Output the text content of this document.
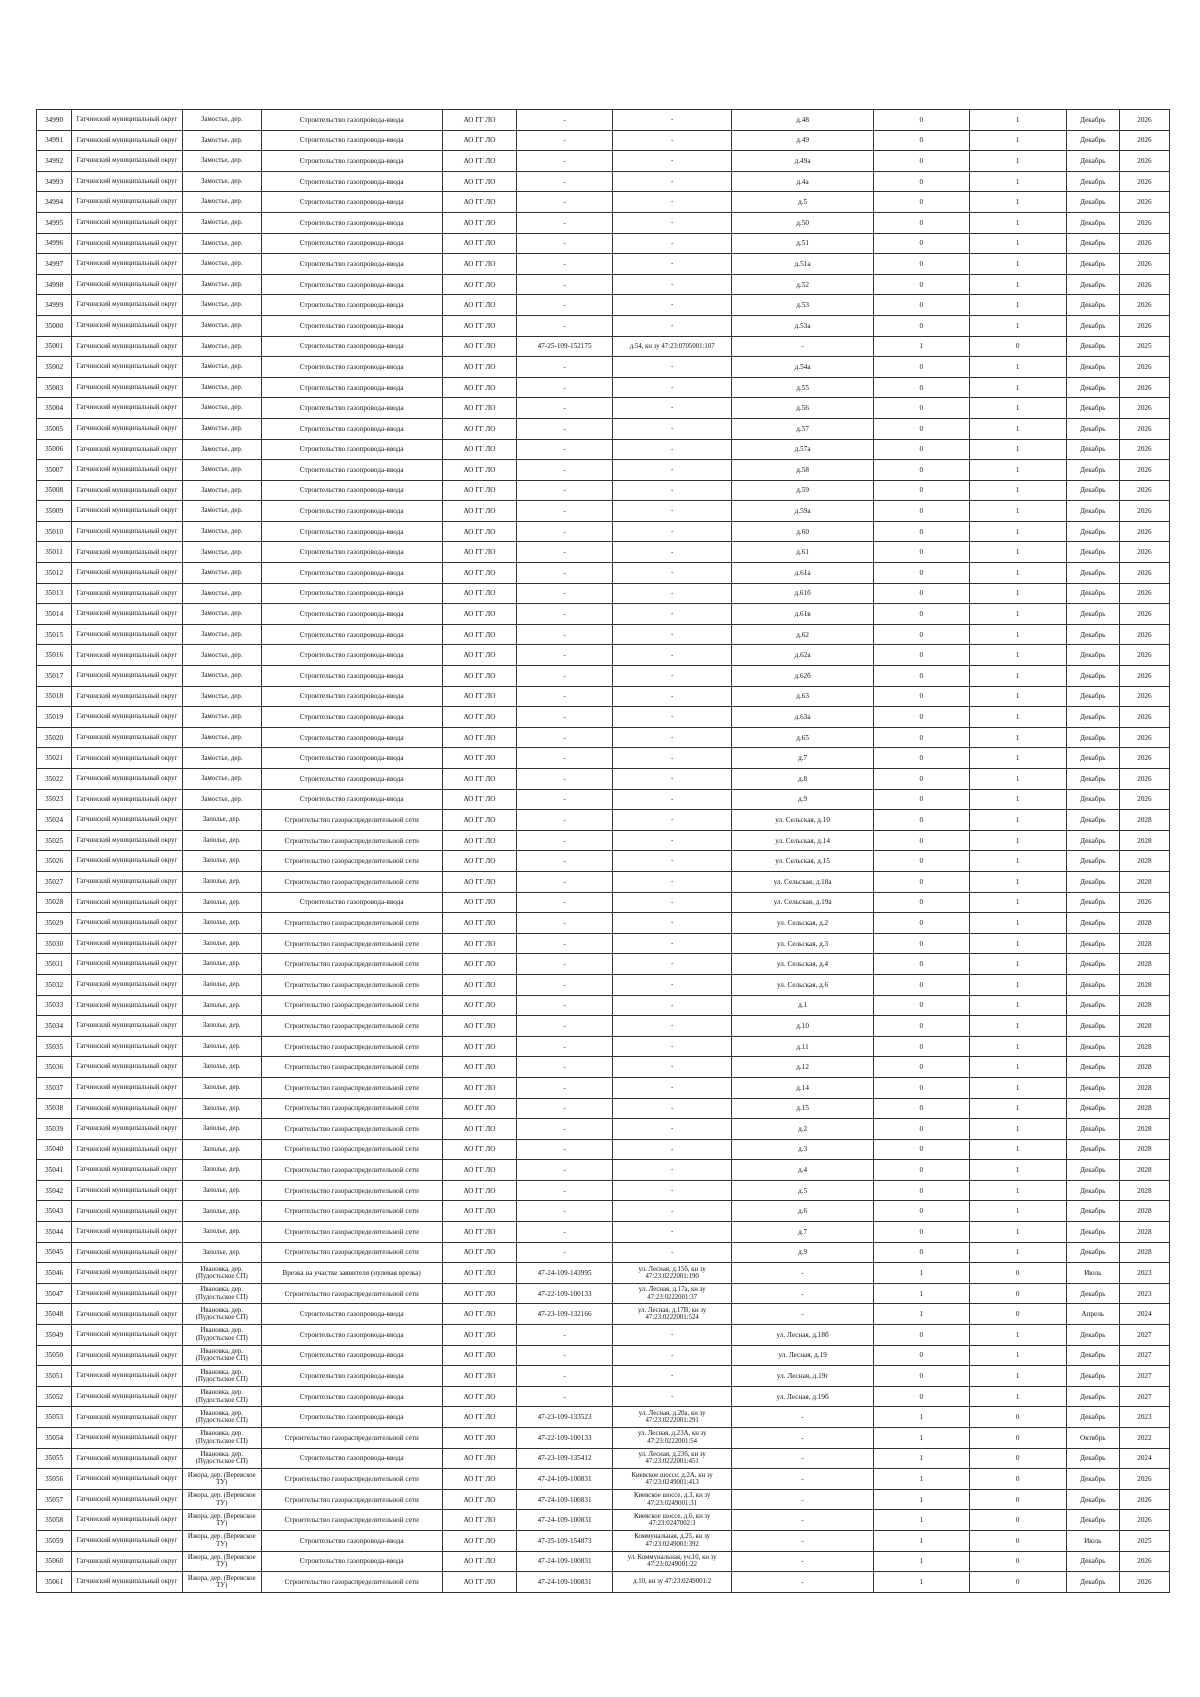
34990	Гатчинский муниципальный округ	Замостье, дер.	Строительство газопровода-ввода	АО ГГ ЛО	-	-	д.48	0	1	Декабрь	2026
34991	Гатчинский муниципальный округ	Замостье, дер.	Строительство газопровода-ввода	АО ГГ ЛО	-	-	д.49	0	1	Декабрь	2026
34992	Гатчинский муниципальный округ	Замостье, дер.	Строительство газопровода-ввода	АО ГГ ЛО	-	-	д.49а	0	1	Декабрь	2026
34993	Гатчинский муниципальный округ	Замостье, дер.	Строительство газопровода-ввода	АО ГГ ЛО	-	-	д.4а	0	1	Декабрь	2026
34994	Гатчинский муниципальный округ	Замостье, дер.	Строительство газопровода-ввода	АО ГГ ЛО	-	-	д.5	0	1	Декабрь	2026
34995	Гатчинский муниципальный округ	Замостье, дер.	Строительство газопровода-ввода	АО ГГ ЛО	-	-	д.50	0	1	Декабрь	2026
34996	Гатчинский муниципальный округ	Замостье, дер.	Строительство газопровода-ввода	АО ГГ ЛО	-	-	д.51	0	1	Декабрь	2026
34997	Гатчинский муниципальный округ	Замостье, дер.	Строительство газопровода-ввода	АО ГГ ЛО	-	-	д.51а	0	1	Декабрь	2026
34998	Гатчинский муниципальный округ	Замостье, дер.	Строительство газопровода-ввода	АО ГГ ЛО	-	-	д.52	0	1	Декабрь	2026
34999	Гатчинский муниципальный округ	Замостье, дер.	Строительство газопровода-ввода	АО ГГ ЛО	-	-	д.53	0	1	Декабрь	2026
35000	Гатчинский муниципальный округ	Замостье, дер.	Строительство газопровода-ввода	АО ГГ ЛО	-	-	д.53а	0	1	Декабрь	2026
35001	Гатчинский муниципальный округ	Замостье, дер.	Строительство газопровода-ввода	АО ГГ ЛО	47-25-109-152175	д.54, кн зу 47:23:0705001:107	-	1	0	Декабрь	2025
35002	Гатчинский муниципальный округ	Замостье, дер.	Строительство газопровода-ввода	АО ГГ ЛО	-	-	д.54а	0	1	Декабрь	2026
35003	Гатчинский муниципальный округ	Замостье, дер.	Строительство газопровода-ввода	АО ГГ ЛО	-	-	д.55	0	1	Декабрь	2026
35004	Гатчинский муниципальный округ	Замостье, дер.	Строительство газопровода-ввода	АО ГГ ЛО	-	-	д.56	0	1	Декабрь	2026
35005	Гатчинский муниципальный округ	Замостье, дер.	Строительство газопровода-ввода	АО ГГ ЛО	-	-	д.57	0	1	Декабрь	2026
35006	Гатчинский муниципальный округ	Замостье, дер.	Строительство газопровода-ввода	АО ГГ ЛО	-	-	д.57а	0	1	Декабрь	2026
35007	Гатчинский муниципальный округ	Замостье, дер.	Строительство газопровода-ввода	АО ГГ ЛО	-	-	д.58	0	1	Декабрь	2026
35008	Гатчинский муниципальный округ	Замостье, дер.	Строительство газопровода-ввода	АО ГГ ЛО	-	-	д.59	0	1	Декабрь	2026
35009	Гатчинский муниципальный округ	Замостье, дер.	Строительство газопровода-ввода	АО ГГ ЛО	-	-	д.59а	0	1	Декабрь	2026
35010	Гатчинский муниципальный округ	Замостье, дер.	Строительство газопровода-ввода	АО ГГ ЛО	-	-	д.60	0	1	Декабрь	2026
35011	Гатчинский муниципальный округ	Замостье, дер.	Строительство газопровода-ввода	АО ГГ ЛО	-	-	д.61	0	1	Декабрь	2026
35012	Гатчинский муниципальный округ	Замостье, дер.	Строительство газопровода-ввода	АО ГГ ЛО	-	-	д.61а	0	1	Декабрь	2026
35013	Гатчинский муниципальный округ	Замостье, дер.	Строительство газопровода-ввода	АО ГГ ЛО	-	-	д.61б	0	1	Декабрь	2026
35014	Гатчинский муниципальный округ	Замостье, дер.	Строительство газопровода-ввода	АО ГГ ЛО	-	-	д.61в	0	1	Декабрь	2026
35015	Гатчинский муниципальный округ	Замостье, дер.	Строительство газопровода-ввода	АО ГГ ЛО	-	-	д.62	0	1	Декабрь	2026
35016	Гатчинский муниципальный округ	Замостье, дер.	Строительство газопровода-ввода	АО ГГ ЛО	-	-	д.62а	0	1	Декабрь	2026
35017	Гатчинский муниципальный округ	Замостье, дер.	Строительство газопровода-ввода	АО ГГ ЛО	-	-	д.62б	0	1	Декабрь	2026
35018	Гатчинский муниципальный округ	Замостье, дер.	Строительство газопровода-ввода	АО ГГ ЛО	-	-	д.63	0	1	Декабрь	2026
35019	Гатчинский муниципальный округ	Замостье, дер.	Строительство газопровода-ввода	АО ГГ ЛО	-	-	д.63а	0	1	Декабрь	2026
35020	Гатчинский муниципальный округ	Замостье, дер.	Строительство газопровода-ввода	АО ГГ ЛО	-	-	д.65	0	1	Декабрь	2026
35021	Гатчинский муниципальный округ	Замостье, дер.	Строительство газопровода-ввода	АО ГГ ЛО	-	-	д.7	0	1	Декабрь	2026
35022	Гатчинский муниципальный округ	Замостье, дер.	Строительство газопровода-ввода	АО ГГ ЛО	-	-	д.8	0	1	Декабрь	2026
35023	Гатчинский муниципальный округ	Замостье, дер.	Строительство газопровода-ввода	АО ГГ ЛО	-	-	д.9	0	1	Декабрь	2026
35024	Гатчинский муниципальный округ	Заполье, дер.	Строительство газораспределительной сети	АО ГГ ЛО	-	-	ул. Сельская, д.10	0	1	Декабрь	2028
35025	Гатчинский муниципальный округ	Заполье, дер.	Строительство газораспределительной сети	АО ГГ ЛО	-	-	ул. Сельская, д.14	0	1	Декабрь	2028
35026	Гатчинский муниципальный округ	Заполье, дер.	Строительство газораспределительной сети	АО ГГ ЛО	-	-	ул. Сельская, д.15	0	1	Декабрь	2028
35027	Гатчинский муниципальный округ	Заполье, дер.	Строительство газораспределительной сети	АО ГГ ЛО	-	-	ул. Сельская, д.18а	0	1	Декабрь	2028
35028	Гатчинский муниципальный округ	Заполье, дер.	Строительство газопровода-ввода	АО ГГ ЛО	-	-	ул. Сельская, д.19а	0	1	Декабрь	2026
35029	Гатчинский муниципальный округ	Заполье, дер.	Строительство газораспределительной сети	АО ГГ ЛО	-	-	ул. Сельская, д.2	0	1	Декабрь	2028
35030	Гатчинский муниципальный округ	Заполье, дер.	Строительство газораспределительной сети	АО ГГ ЛО	-	-	ул. Сельская, д.3	0	1	Декабрь	2028
35031	Гатчинский муниципальный округ	Заполье, дер.	Строительство газораспределительной сети	АО ГГ ЛО	-	-	ул. Сельская, д.4	0	1	Декабрь	2028
35032	Гатчинский муниципальный округ	Заполье, дер.	Строительство газораспределительной сети	АО ГГ ЛО	-	-	ул. Сельская, д.6	0	1	Декабрь	2028
35033	Гатчинский муниципальный округ	Заполье, дер.	Строительство газораспределительной сети	АО ГГ ЛО	-	-	д.1	0	1	Декабрь	2028
35034	Гатчинский муниципальный округ	Заполье, дер.	Строительство газораспределительной сети	АО ГГ ЛО	-	-	д.10	0	1	Декабрь	2028
35035	Гатчинский муниципальный округ	Заполье, дер.	Строительство газораспределительной сети	АО ГГ ЛО	-	-	д.11	0	1	Декабрь	2028
35036	Гатчинский муниципальный округ	Заполье, дер.	Строительство газораспределительной сети	АО ГГ ЛО	-	-	д.12	0	1	Декабрь	2028
35037	Гатчинский муниципальный округ	Заполье, дер.	Строительство газораспределительной сети	АО ГГ ЛО	-	-	д.14	0	1	Декабрь	2028
35038	Гатчинский муниципальный округ	Заполье, дер.	Строительство газораспределительной сети	АО ГГ ЛО	-	-	д.15	0	1	Декабрь	2028
35039	Гатчинский муниципальный округ	Заполье, дер.	Строительство газораспределительной сети	АО ГГ ЛО	-	-	д.2	0	1	Декабрь	2028
35040	Гатчинский муниципальный округ	Заполье, дер.	Строительство газораспределительной сети	АО ГГ ЛО	-	-	д.3	0	1	Декабрь	2028
35041	Гатчинский муниципальный округ	Заполье, дер.	Строительство газораспределительной сети	АО ГГ ЛО	-	-	д.4	0	1	Декабрь	2028
35042	Гатчинский муниципальный округ	Заполье, дер.	Строительство газораспределительной сети	АО ГГ ЛО	-	-	д.5	0	1	Декабрь	2028
35043	Гатчинский муниципальный округ	Заполье, дер.	Строительство газораспределительной сети	АО ГГ ЛО	-	-	д.6	0	1	Декабрь	2028
35044	Гатчинский муниципальный округ	Заполье, дер.	Строительство газораспределительной сети	АО ГГ ЛО	-	-	д.7	0	1	Декабрь	2028
35045	Гатчинский муниципальный округ	Заполье, дер.	Строительство газораспределительной сети	АО ГГ ЛО	-	-	д.9	0	1	Декабрь	2028
35046	Гатчинский муниципальный округ	Ивановка, дер. (Пудостьское СП)	Врезка на участке заявителя (нулевая врезка)	АО ГГ ЛО	47-24-109-143995	ул. Лесная, д.15б, кн зу 47:23:0222001:190	-	1	0	Июль	2023
35047	Гатчинский муниципальный округ	Ивановка, дер. (Пудостьское СП)	Строительство газораспределительной сети	АО ГГ ЛО	47-22-109-100133	ул. Лесная, д.17а, кн зу 47:23:0222001:37	-	1	0	Декабрь	2023
35048	Гатчинский муниципальный округ	Ивановка, дер. (Пудостьское СП)	Строительство газопровода-ввода	АО ГГ ЛО	47-23-109-132166	ул. Лесная, д.17В, кн зу 47:23:0222001:524	-	1	0	Апрель	2024
35049	Гатчинский муниципальный округ	Ивановка, дер. (Пудостьское СП)	Строительство газопровода-ввода	АО ГГ ЛО	-	-	ул. Лесная, д.18б	0	1	Декабрь	2027
35050	Гатчинский муниципальный округ	Ивановка, дер. (Пудостьское СП)	Строительство газопровода-ввода	АО ГГ ЛО	-	-	ул. Лесная, д.19	0	1	Декабрь	2027
35051	Гатчинский муниципальный округ	Ивановка, дер. (Пудостьское СП)	Строительство газопровода-ввода	АО ГГ ЛО	-	-	ул. Лесная, д.19г	0	1	Декабрь	2027
35052	Гатчинский муниципальный округ	Ивановка, дер. (Пудостьское СП)	Строительство газопровода-ввода	АО ГГ ЛО	-	-	ул. Лесная, д.19б	0	1	Декабрь	2027
35053	Гатчинский муниципальный округ	Ивановка, дер. (Пудостьское СП)	Строительство газопровода-ввода	АО ГГ ЛО	47-23-109-133523	ул. Лесная, д.20а, кн зу 47:23:0222001:291	-	1	0	Декабрь	2023
35054	Гатчинский муниципальный округ	Ивановка, дер. (Пудостьское СП)	Строительство газораспределительной сети	АО ГГ ЛО	47-22-109-100133	ул. Лесная, д.23А, кн зу 47:23:0222001:54	-	1	0	Октябрь	2022
35055	Гатчинский муниципальный округ	Ивановка, дер. (Пудостьское СП)	Строительство газопровода-ввода	АО ГГ ЛО	47-23-109-135412	ул. Лесная, д.23б, кн зу 47:23:0222001:451	-	1	0	Декабрь	2024
35056	Гатчинский муниципальный округ	Ижора, дер. (Веревское ТУ)	Строительство газораспределительной сети	АО ГГ ЛО	47-24-109-100831	Киевское шоссе, д.2А, кн зу 47:23:0249001:413	-	1	0	Декабрь	2026
35057	Гатчинский муниципальный округ	Ижора, дер. (Веревское ТУ)	Строительство газораспределительной сети	АО ГГ ЛО	47-24-109-100831	Киевское шоссе, д.3, кн зу 47:23:0249001:31	-	1	0	Декабрь	2026
35058	Гатчинский муниципальный округ	Ижора, дер. (Веревское ТУ)	Строительство газораспределительной сети	АО ГГ ЛО	47-24-109-100831	Киевское шоссе, д.6, кн зу 47:23:0247002:3	-	1	0	Декабрь	2026
35059	Гатчинский муниципальный округ	Ижора, дер. (Веревское ТУ)	Строительство газопровода-ввода	АО ГГ ЛО	47-25-109-154873	Коммунальная, д.25, кн зу 47:23:0249001:392	-	1	0	Июль	2025
35060	Гатчинский муниципальный округ	Ижора, дер. (Веревское ТУ)	Строительство газопровода-ввода	АО ГГ ЛО	47-24-109-100831	ул. Коммунальная, уч.10, кн зу 47:23:0249001:22	-	1	0	Декабрь	2026
35061	Гатчинский муниципальный округ	Ижора, дер. (Веревское ТУ)	Строительство газораспределительной сети	АО ГГ ЛО	47-24-109-100831	д.10, кн зу 47:23:0249001:2	-	1	0	Декабрь	2026
